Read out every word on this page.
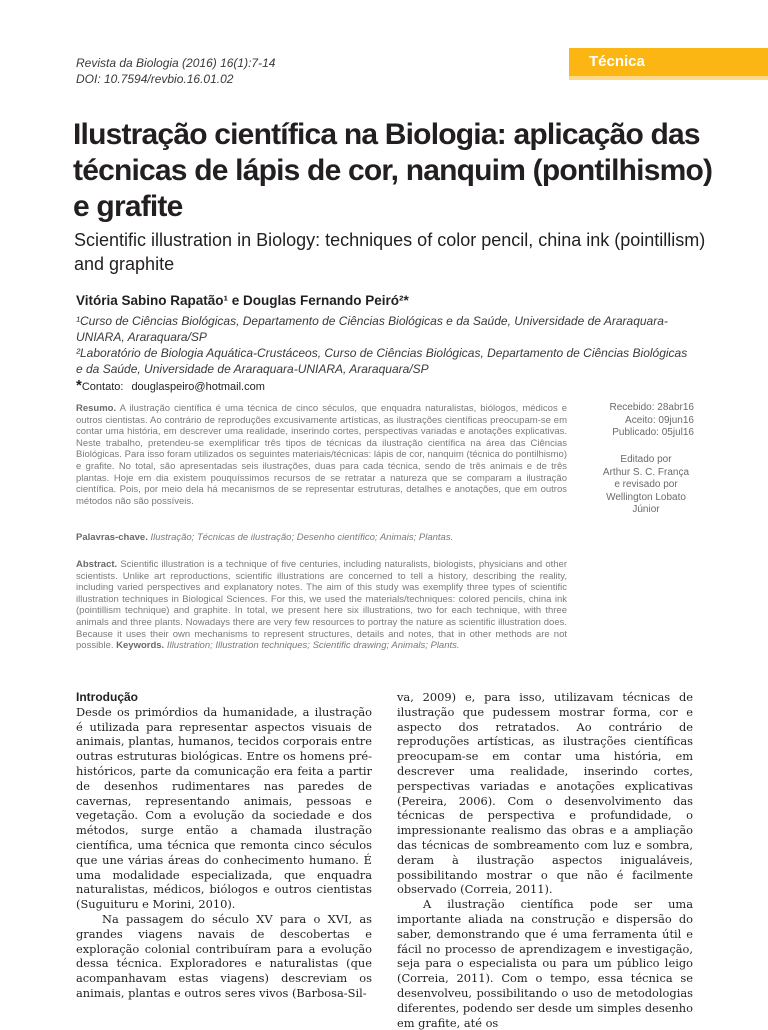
Revista da Biologia (2016) 16(1):7-14
DOI: 10.7594/revbio.16.01.02
Técnica
Ilustração científica na Biologia: aplicação das técnicas de lápis de cor, nanquim (pontilhismo) e grafite

Scientific illustration in Biology: techniques of color pencil, china ink (pointillism) and graphite

Vitória Sabino Rapatão¹ e Douglas Fernando Peiró²*
¹Curso de Ciências Biológicas, Departamento de Ciências Biológicas e da Saúde, Universidade de Araraquara-UNIARA, Araraquara/SP
²Laboratório de Biologia Aquática-Crustáceos, Curso de Ciências Biológicas, Departamento de Ciências Biológicas e da Saúde, Universidade de Araraquara-UNIARA, Araraquara/SP
*Contato: douglaspeiro@hotmail.com
Resumo. A ilustração científica é uma técnica de cinco séculos, que enquadra naturalistas, biólogos, médicos e outros cientistas. Ao contrário de reproduções excusivamente artísticas, as ilustrações científicas preocupam-se em contar uma história, em descrever uma realidade, inserindo cortes, perspectivas variadas e anotações explicativas. Neste trabalho, pretendeu-se exemplificar três tipos de técnicas da ilustração científica na área das Ciências Biológicas. Para isso foram utilizados os seguintes materiais/técnicas: lápis de cor, nanquim (técnica do pontilhismo) e grafite. No total, são apresentadas seis ilustrações, duas para cada técnica, sendo de três animais e de três plantas. Hoje em dia existem pouquíssimos recursos de se retratar a natureza que se comparam a ilustração científica. Pois, por meio dela há mecanismos de se representar estruturas, detalhes e anotações, que em outros métodos não são possíveis.
Palavras-chave. Ilustração; Técnicas de ilustração; Desenho científico; Animais; Plantas.
Abstract. Scientific illustration is a technique of five centuries, including naturalists, biologists, physicians and other scientists. Unlike art reproductions, scientific illustrations are concerned to tell a history, describing the reality, including varied perspectives and explanatory notes. The aim of this study was exemplify three types of scientific illustration techniques in Biological Sciences. For this, we used the materials/techniques: colored pencils, china ink (pointillism technique) and graphite. In total, we present here six illustrations, two for each technique, with three animals and three plants. Nowadays there are very few resources to portray the nature as scientific illustration does. Because it uses their own mechanisms to represent structures, details and notes, that in other methods are not possible. Keywords. Illustration; Illustration techniques; Scientific drawing; Animals; Plants.
Recebido: 28abr16
Aceito: 09jun16
Publicado: 05jul16
Editado por
Arthur S. C. França
e revisado por
Wellington Lobato
Júnior
Introdução

Desde os primórdios da humanidade, a ilustração é utilizada para representar aspectos visuais de animais, plantas, humanos, tecidos corporais entre outras estruturas biológicas. Entre os homens pré-históricos, parte da comunicação era feita a partir de desenhos rudimentares nas paredes de cavernas, representando animais, pessoas e vegetação. Com a evolução da sociedade e dos métodos, surge então a chamada ilustração científica, uma técnica que remonta cinco séculos que une várias áreas do conhecimento humano. É uma modalidade especializada, que enquadra naturalistas, médicos, biólogos e outros cientistas (Suguituru e Morini, 2010).

Na passagem do século XV para o XVI, as grandes viagens navais de descobertas e exploração colonial contribuíram para a evolução dessa técnica. Exploradores e naturalistas (que acompanhavam estas viagens) descreviam os animais, plantas e outros seres vivos (Barbosa-Sil-

va, 2009) e, para isso, utilizavam técnicas de ilustração que pudessem mostrar forma, cor e aspecto dos retratados. Ao contrário de reproduções artísticas, as ilustrações científicas preocupam-se em contar uma história, em descrever uma realidade, inserindo cortes, perspectivas variadas e anotações explicativas (Pereira, 2006). Com o desenvolvimento das técnicas de perspectiva e profundidade, o impressionante realismo das obras e a ampliação das técnicas de sombreamento com luz e sombra, deram à ilustração aspectos inigualáveis, possibilitando mostrar o que não é facilmente observado (Correia, 2011).

A ilustração científica pode ser uma importante aliada na construção e dispersão do saber, demonstrando que é uma ferramenta útil e fácil no processo de aprendizagem e investigação, seja para o especialista ou para um público leigo (Correia, 2011). Com o tempo, essa técnica se desenvolveu, possibilitando o uso de metodologias diferentes, podendo ser desde um simples desenho em grafite, até os
